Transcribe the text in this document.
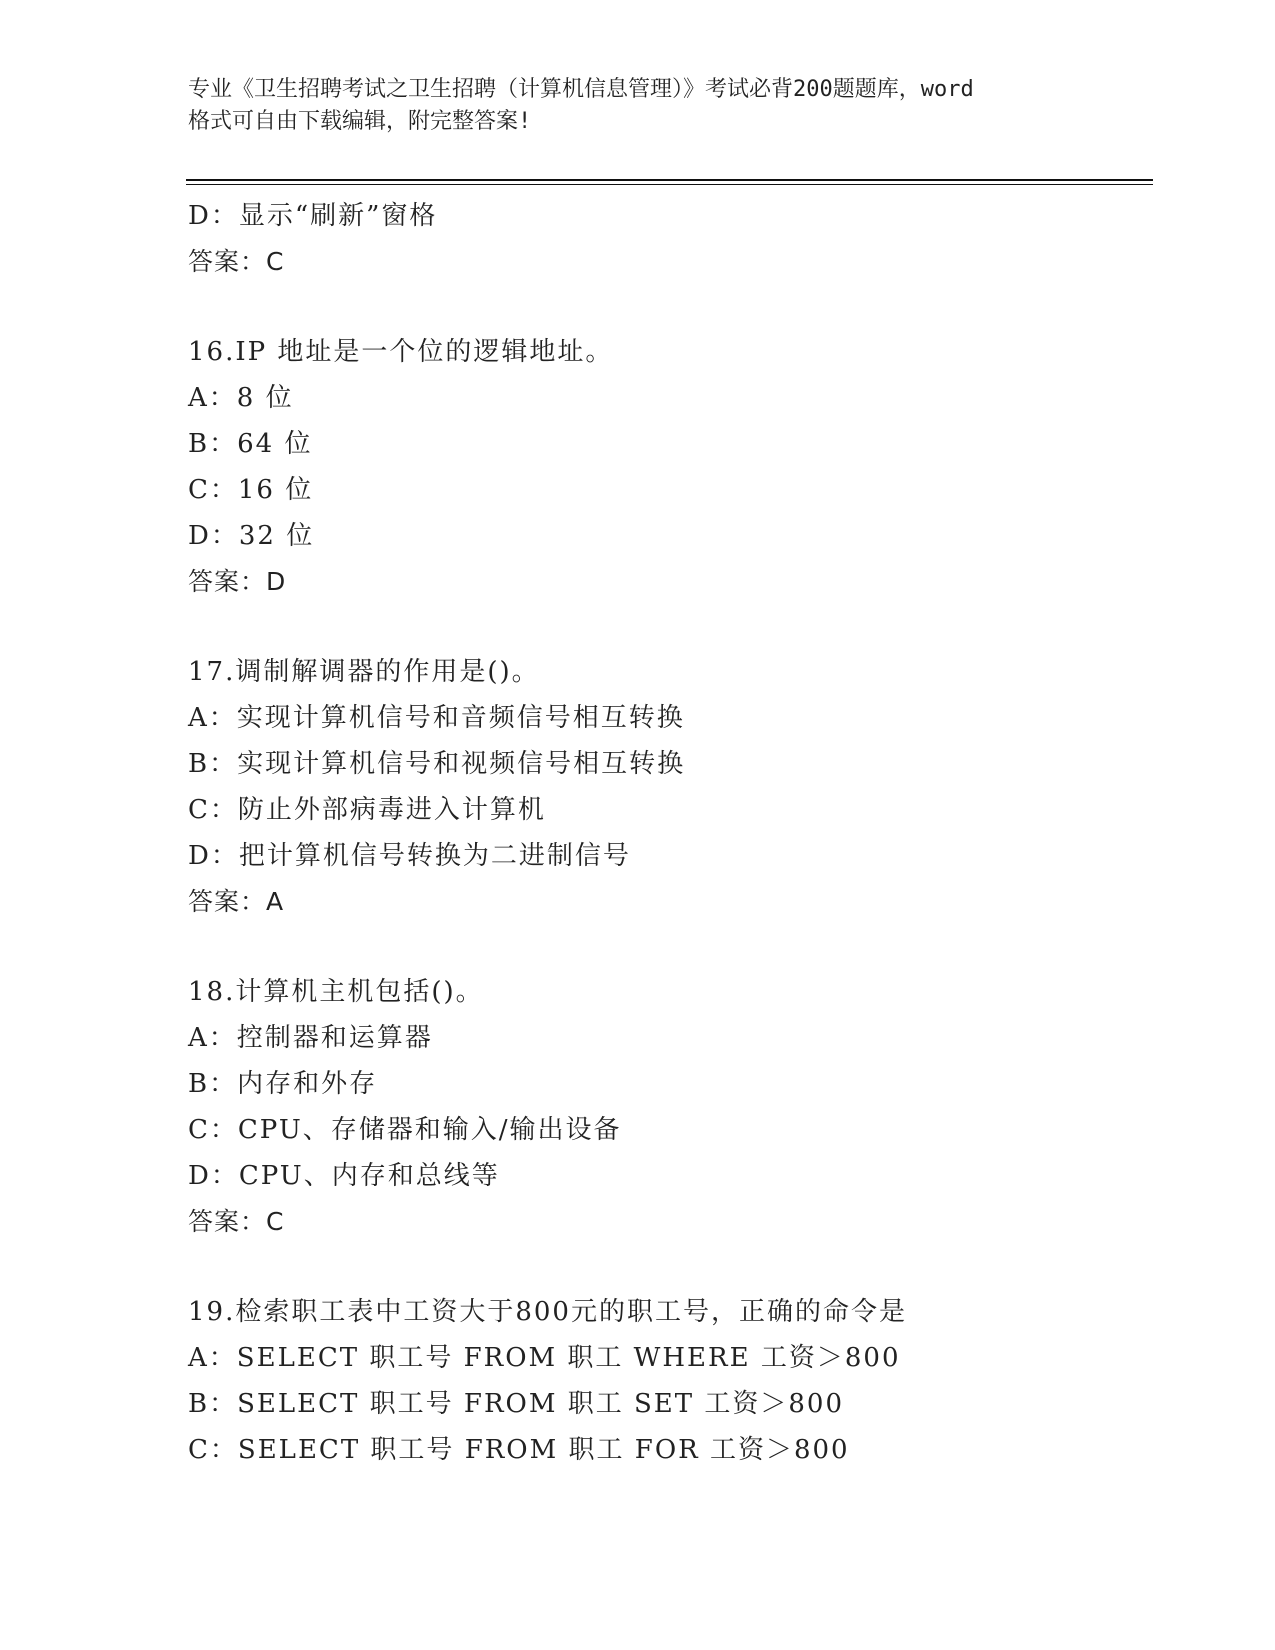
专业《卫生招聘考试之卫生招聘（计算机信息管理）》考试必背200题题库，word
格式可自由下载编辑，附完整答案!
D：显示“刷新”窗格
答案：C
16.IP 地址是一个位的逻辑地址。
A：8 位
B：64 位
C：16 位
D：32 位
答案：D
17.调制解调器的作用是()。
A：实现计算机信号和音频信号相互转换
B：实现计算机信号和视频信号相互转换
C：防止外部病毒进入计算机
D：把计算机信号转换为二进制信号
答案：A
18.计算机主机包括()。
A：控制器和运算器
B：内存和外存
C：CPU、存储器和输入/输出设备
D：CPU、内存和总线等
答案：C
19.检索职工表中工资大于800元的职工号，正确的命令是
A：SELECT 职工号 FROM 职工 WHERE 工资＞800
B：SELECT 职工号 FROM 职工 SET 工资＞800
C：SELECT 职工号 FROM 职工 FOR 工资＞800
